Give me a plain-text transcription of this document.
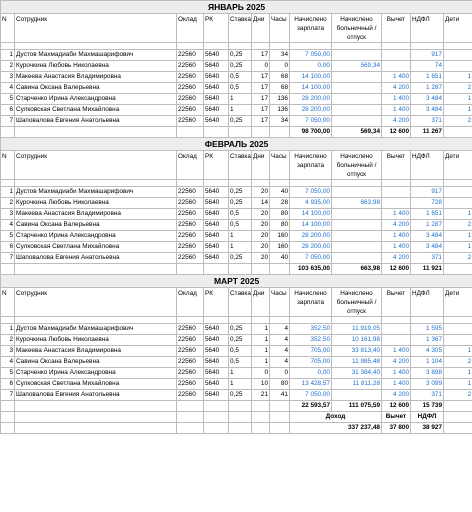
ЯНВАРЬ 2025											
N	Сотрудник	Оклад	РК	Ставка	Дни	Часы	Начислено зарплата	Начислено больничный /отпуск	Вычет	НДФЛ	Дети

1	Дустов Махмадиаби Махмашарифович	22560	5640	0,25	17	34	7 050,00			917	
2	Курочкина Любовь Николаевна	22560	5640	0,25	0	0	0,00	569,34		74	
3	Макеева Анастасия Владимировна	22560	5640	0,5	17	68	14 100,00		1 400	1 651	1
4	Савина Оксана Валерьевна	22560	5640	0,5	17	68	14 100,00		4 200	1 287	2
5	Старченко Ирина Александровна	22560	5640	1	17	136	28 200,00		1 400	3 484	1
6	Сулковская Светлана Михайловна	22560	5640	1	17	136	28 200,00		1 400	3 484	1
7	Шаповалова Евгения Анатольевна	22560	5640	0,25	17	34	7 050,00		4 200	371	2
							98 700,00	569,34	12 600	11 267	
ФЕВРАЛЬ 2025											
N	Сотрудник	Оклад	РК	Ставка	Дни	Часы	Начислено зарплата	Начислено больничный /отпуск	Вычет	НДФЛ	Дети

1	Дустов Махмадиаби Махмашарифович	22560	5640	0,25	20	40	7 050,00			917	
2	Курочкина Любовь Николаевна	22560	5640	0,25	14	28	4 935,00	663,98		728	
3	Макеева Анастасия Владимировна	22560	5640	0,5	20	80	14 100,00		1 400	1 651	1
4	Савина Оксана Валерьевна	22560	5640	0,5	20	80	14 100,00		4 200	1 287	2
5	Старченко Ирина Александровна	22560	5640	1	20	160	28 200,00		1 400	3 484	1
6	Сулковская Светлана Михайловна	22560	5640	1	20	160	28 200,00		1 400	3 484	1
7	Шаповалова Евгения Анатольевна	22560	5640	0,25	20	40	7 050,00		4 200	371	2
							103 635,00	663,98	12 600	11 921	
МАРТ 2025											
N	Сотрудник	Оклад	РК	Ставка	Дни	Часы	Начислено зарплата	Начислено больничный /отпуск	Вычет	НДФЛ	Дети

1	Дустов Махмадиаби Махмашарифович	22560	5640	0,25	1	4	352,50	11 919,05		1 595	
2	Курочкина Любовь Николаевна	22560	5640	0,25	1	4	352,50	10 161,98		1 367	
3	Макеева Анастасия Владимировна	22560	5640	0,5	1	4	705,00	33 813,40	1 400	4 305	1
4	Савина Оксана Валерьевна	22560	5640	0,5	1	4	705,00	11 985,48	4 200	1 104	2
5	Старченко Ирина Александровна	22560	5640	1	0	0	0,00	31 384,40	1 400	3 898	1
6	Сулковская Светлана Михайловна	22560	5640	1	10	80	13 428,57	11 811,28	1 400	3 099	1
7	Шаповалова Евгения Анатольевна	22560	5640	0,25	21	41	7 050,00		4 200	371	2
							22 593,57	111 075,59	12 600	15 739	
							Доход		Вычет	НДФЛ	
							337 237,48		37 800	38 927	
